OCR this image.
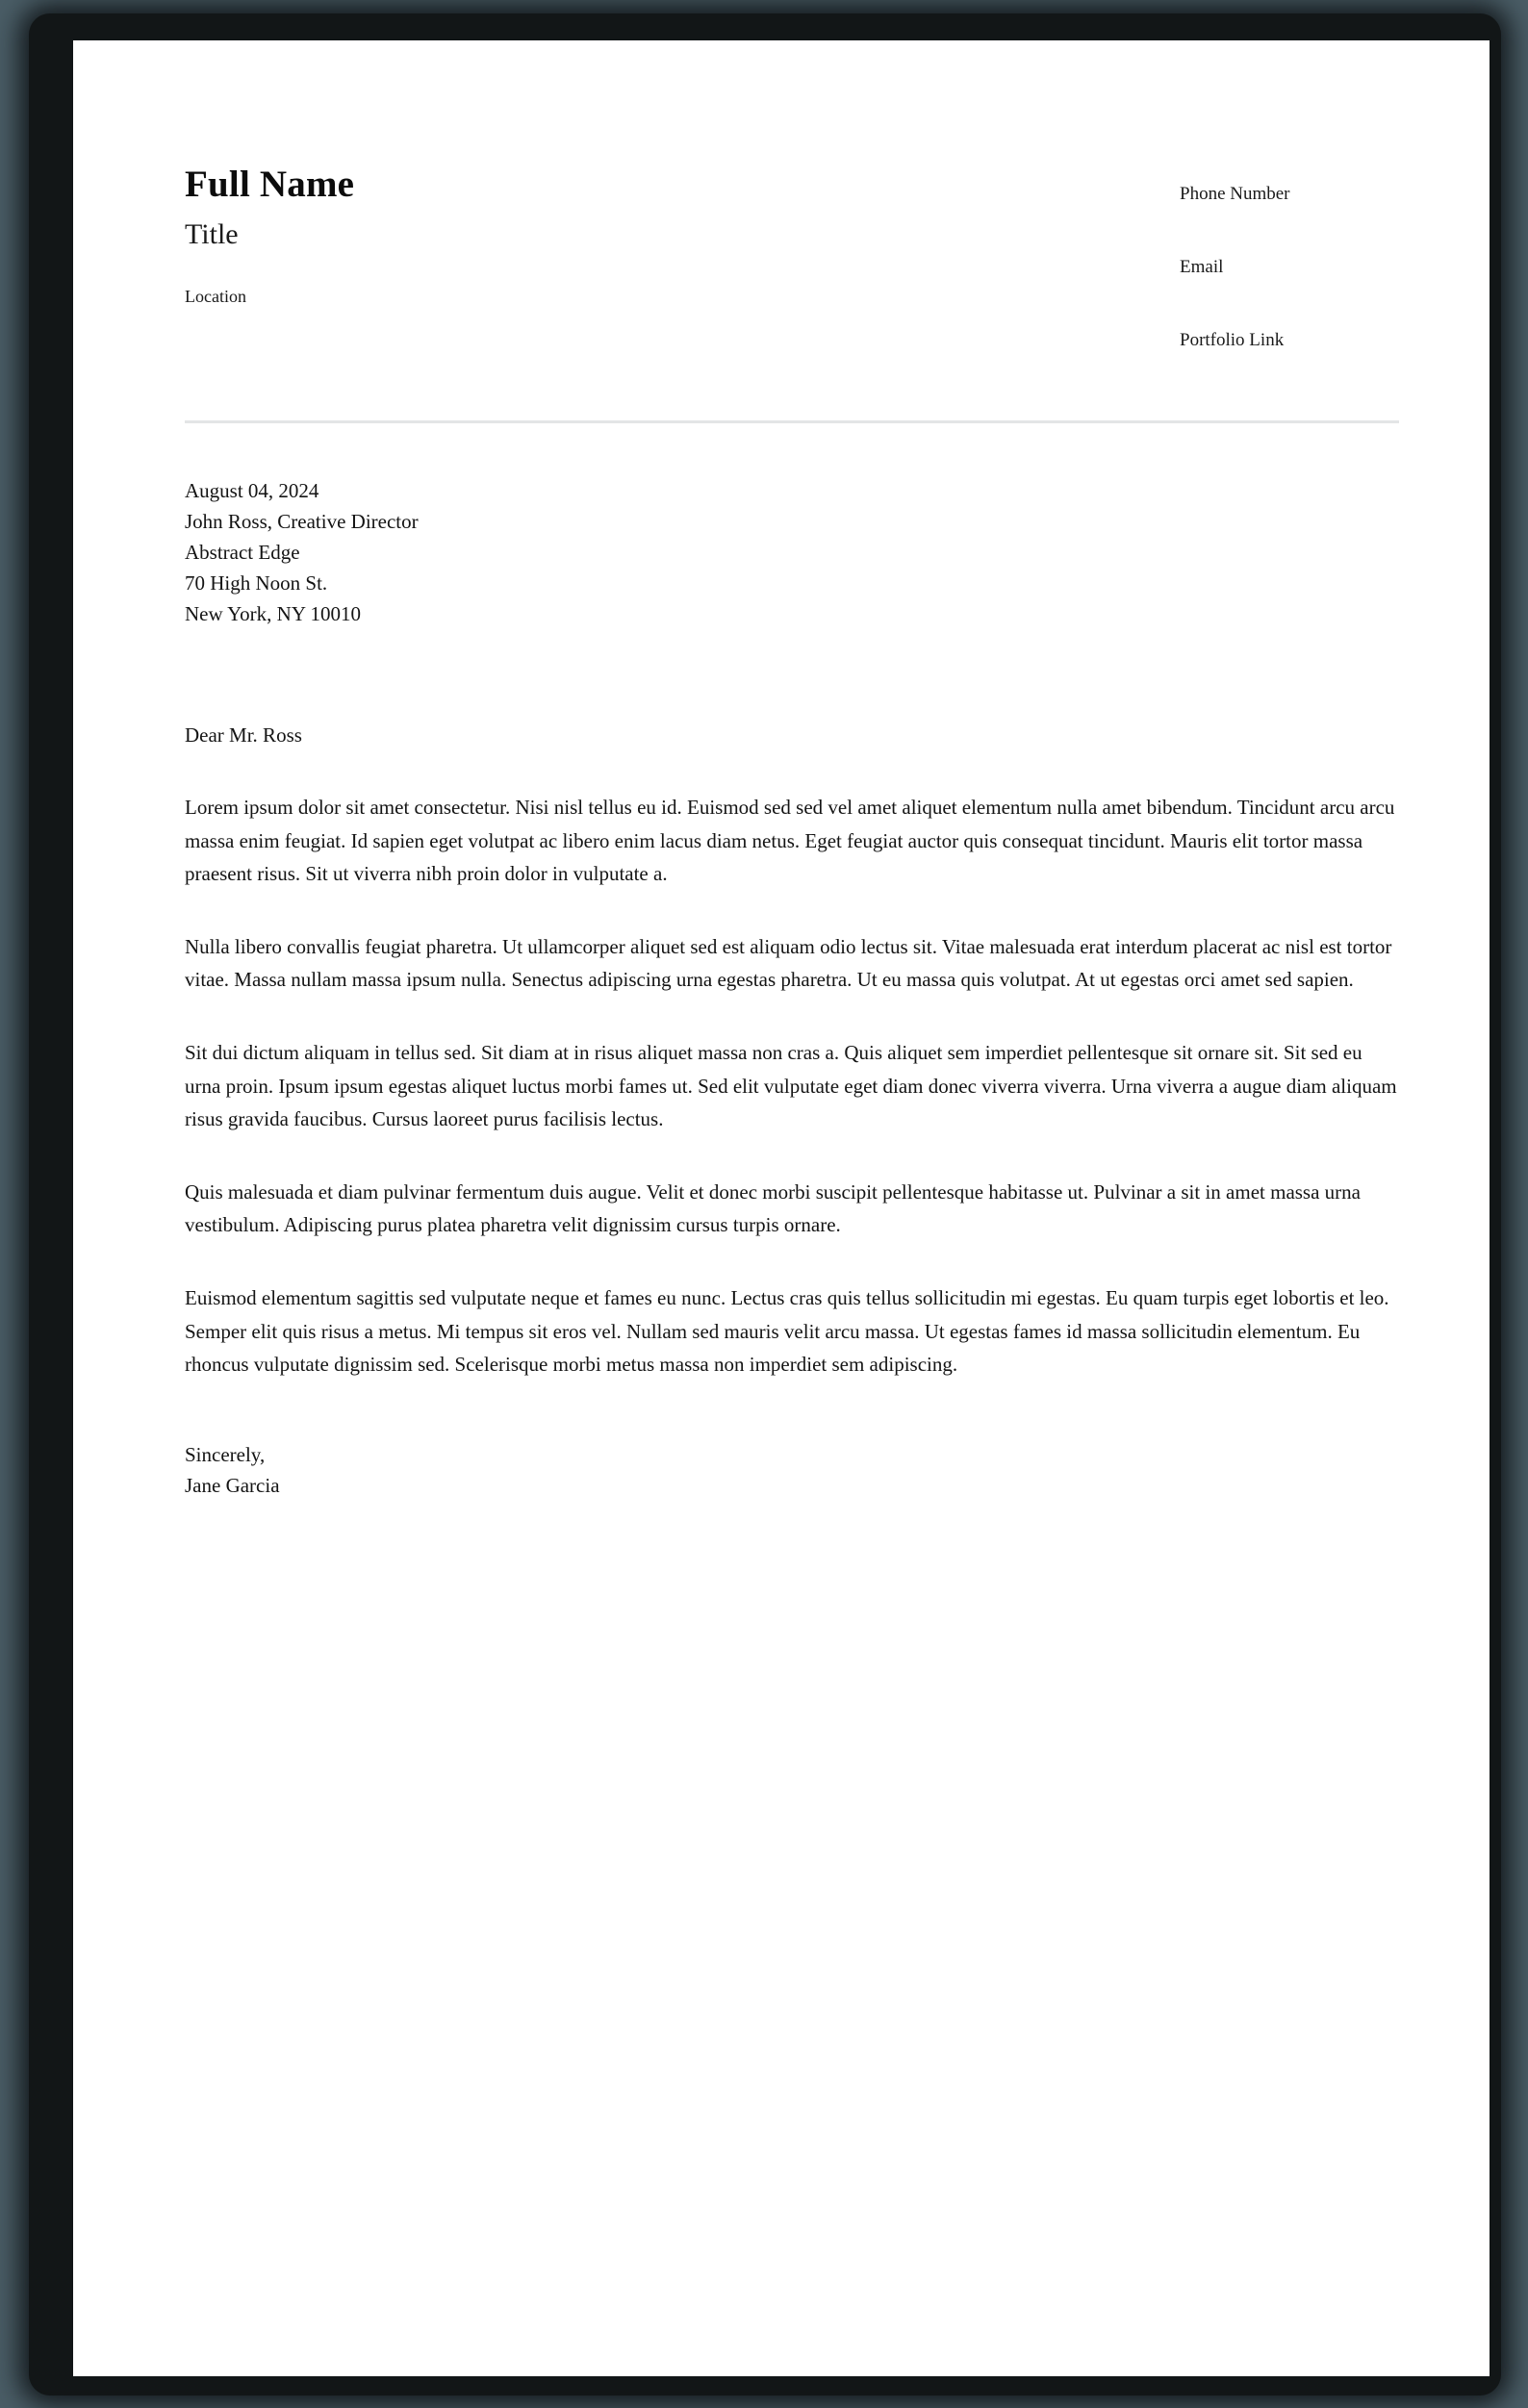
Full Name
Title
Location
Phone Number
Email
Portfolio Link
August 04, 2024
John Ross, Creative Director
Abstract Edge
70 High Noon St.
New York, NY 10010
Dear Mr. Ross
Lorem ipsum dolor sit amet consectetur. Nisi nisl tellus eu id. Euismod sed sed vel amet aliquet elementum nulla amet bibendum. Tincidunt arcu arcu massa enim feugiat. Id sapien eget volutpat ac libero enim lacus diam netus. Eget feugiat auctor quis consequat tincidunt. Mauris elit tortor massa praesent risus. Sit ut viverra nibh proin dolor in vulputate a.
Nulla libero convallis feugiat pharetra. Ut ullamcorper aliquet sed est aliquam odio lectus sit. Vitae malesuada erat interdum placerat ac nisl est tortor vitae. Massa nullam massa ipsum nulla. Senectus adipiscing urna egestas pharetra. Ut eu massa quis volutpat. At ut egestas orci amet sed sapien.
Sit dui dictum aliquam in tellus sed. Sit diam at in risus aliquet massa non cras a. Quis aliquet sem imperdiet pellentesque sit ornare sit. Sit sed eu urna proin. Ipsum ipsum egestas aliquet luctus morbi fames ut. Sed elit vulputate eget diam donec viverra viverra. Urna viverra a augue diam aliquam risus gravida faucibus. Cursus laoreet purus facilisis lectus.
Quis malesuada et diam pulvinar fermentum duis augue. Velit et donec morbi suscipit pellentesque habitasse ut. Pulvinar a sit in amet massa urna vestibulum. Adipiscing purus platea pharetra velit dignissim cursus turpis ornare.
Euismod elementum sagittis sed vulputate neque et fames eu nunc. Lectus cras quis tellus sollicitudin mi egestas. Eu quam turpis eget lobortis et leo. Semper elit quis risus a metus. Mi tempus sit eros vel. Nullam sed mauris velit arcu massa. Ut egestas fames id massa sollicitudin elementum. Eu rhoncus vulputate dignissim sed. Scelerisque morbi metus massa non imperdiet sem adipiscing.
Sincerely,
Jane Garcia
